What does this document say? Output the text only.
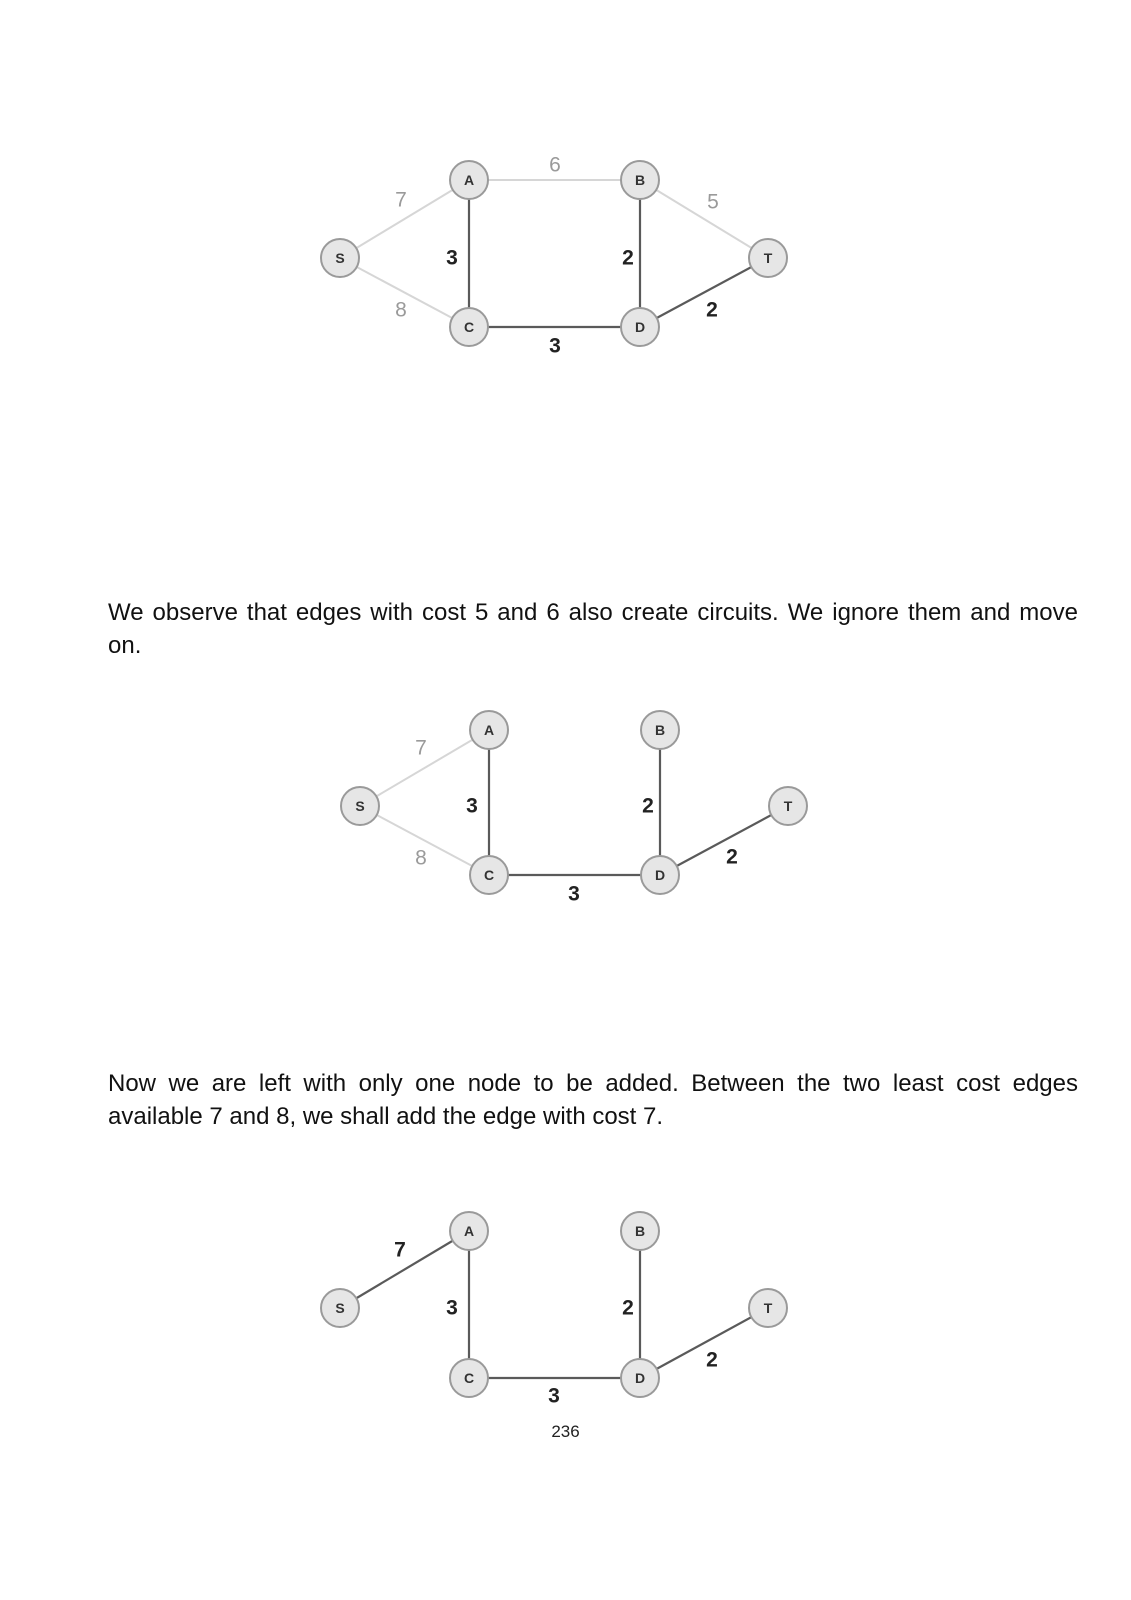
7
8
6
3	2
5
3
2
S
A	B
C	D
T

We observe that edges with cost 5 and 6 also create circuits. We ignore them and move on.

7
8
3	2
3
2
S
A	B
C	D
T

Now we are left with only one node to be added. Between the two least cost edges available 7 and 8, we shall add the edge with cost 7.

7
3	2
3
2
S
A	B
C	D
T
236
